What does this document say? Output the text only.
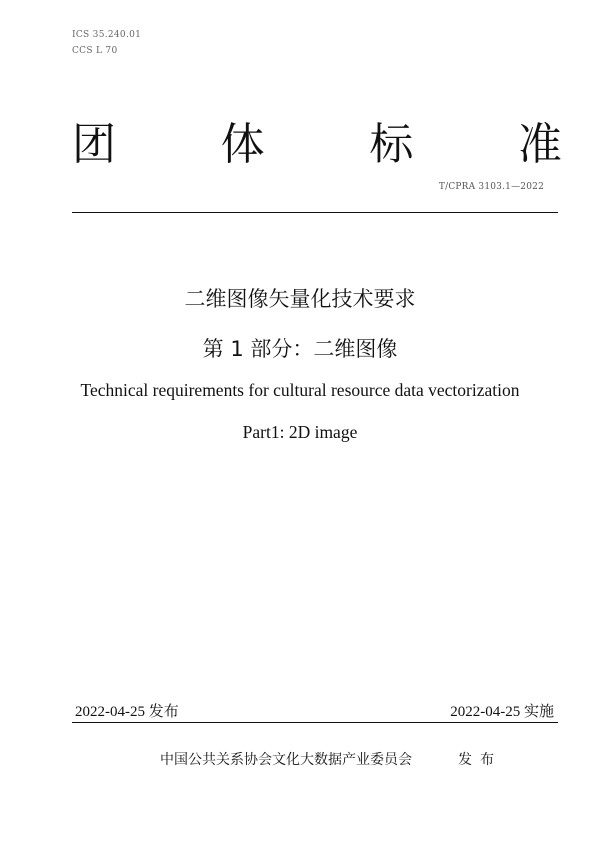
ICS 35.240.01
CCS L 70
团 体 标 准
T/CPRA 3103.1—2022
二维图像矢量化技术要求
第 1 部分：二维图像
Technical requirements for cultural resource data vectorization
Part1: 2D image
2022-04-25 发布	2022-04-25 实施
中国公共关系协会文化大数据产业委员会	发布
